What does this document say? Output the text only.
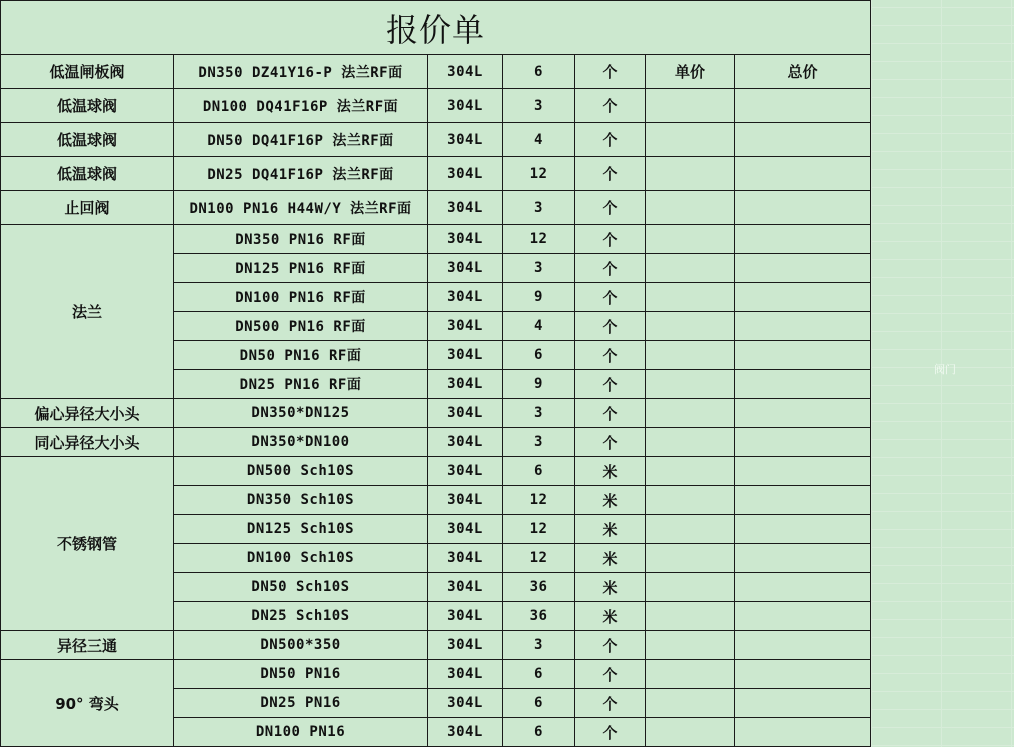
报价单						
低温闸板阀	DN350 DZ41Y16-P 法兰RF面	304L	6	个	单价	总价
低温球阀	DN100 DQ41F16P 法兰RF面	304L	3	个		
低温球阀	DN50 DQ41F16P 法兰RF面	304L	4	个		
低温球阀	DN25 DQ41F16P 法兰RF面	304L	12	个		
止回阀	DN100 PN16 H44W/Y 法兰RF面	304L	3	个		
法兰	DN350 PN16 RF面	304L	12	个		
	DN125 PN16 RF面	304L	3	个		
	DN100 PN16 RF面	304L	9	个		
	DN500 PN16 RF面	304L	4	个		
	DN50 PN16 RF面	304L	6	个		
	DN25 PN16 RF面	304L	9	个		
偏心异径大小头	DN350*DN125	304L	3	个		
同心异径大小头	DN350*DN100	304L	3	个		
不锈钢管	DN500 Sch10S	304L	6	米		
	DN350 Sch10S	304L	12	米		
	DN125 Sch10S	304L	12	米		
	DN100 Sch10S	304L	12	米		
	DN50 Sch10S	304L	36	米		
	DN25 Sch10S	304L	36	米		
异径三通	DN500*350	304L	3	个		
90° 弯头	DN50 PN16	304L	6	个		
	DN25 PN16	304L	6	个		
	DN100 PN16	304L	6	个		
阀门
